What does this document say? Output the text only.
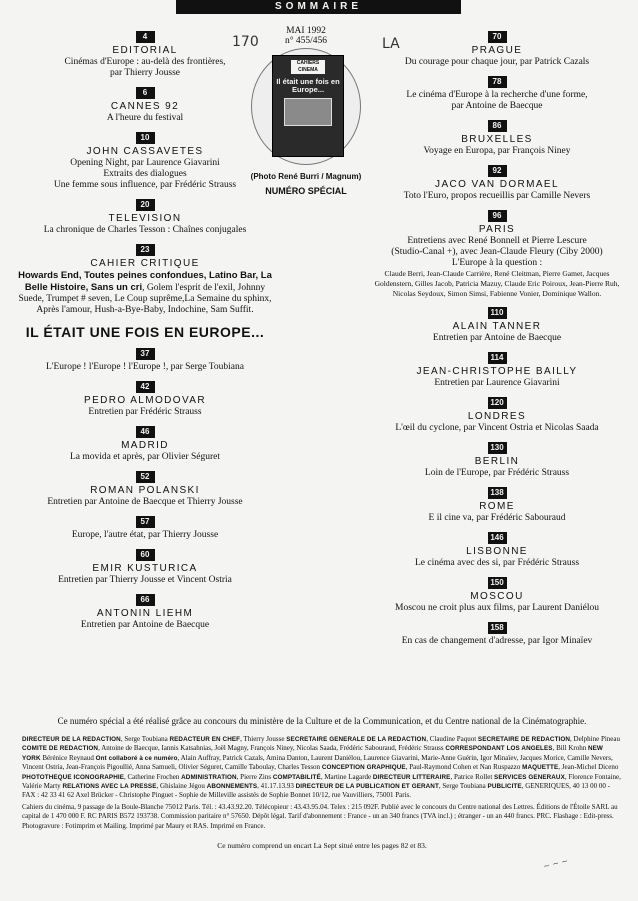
SOMMAIRE
170	LA
MAI 1992
n° 455/456
CAHIERS CINEMA
Il était une fois en Europe...
(Photo René Burri / Magnum)
NUMÉRO SPÉCIAL
4
EDITORIAL
Cinémas d'Europe : au-delà des frontières,
par Thierry Jousse
6
CANNES 92
A l'heure du festival
10
JOHN CASSAVETES
Opening Night, par Laurence Giavarini
Extraits des dialogues
Une femme sous influence, par Frédéric Strauss
20
TELEVISION
La chronique de Charles Tesson : Chaînes conjugales
23
CAHIER CRITIQUE
Howards End, Toutes peines confondues, Latino Bar, La Belle Histoire, Sans un cri, Golem l'esprit de l'exil, Johnny Suede, Trumpet # seven, Le Coup suprême,La Semaine du sphinx, Après l'amour, Hush-a-Bye-Baby, Indochine, Sam Suffit.
IL ÉTAIT UNE FOIS EN EUROPE...
37
L'Europe ! l'Europe ! l'Europe !, par Serge Toubiana
42
PEDRO ALMODOVAR
Entretien par Frédéric Strauss
46
MADRID
La movida et après, par Olivier Séguret
52
ROMAN POLANSKI
Entretien par Antoine de Baecque et Thierry Jousse
57
Europe, l'autre état, par Thierry Jousse
60
EMIR KUSTURICA
Entretien par Thierry Jousse et Vincent Ostria
66
ANTONIN LIEHM
Entretien par Antoine de Baecque
70
PRAGUE
Du courage pour chaque jour, par Patrick Cazals
78
Le cinéma d'Europe à la recherche d'une forme,
par Antoine de Baecque
86
BRUXELLES
Voyage en Europa, par François Niney
92
JACO VAN DORMAEL
Toto l'Euro, propos recueillis par Camille Nevers
96
PARIS
Entretiens avec René Bonnell et Pierre Lescure
(Studio-Canal +), avec Jean-Claude Fleury (Ciby 2000)
L'Europe à la question :
Claude Berri, Jean-Claude Carrière, René Cleitman, Pierre Gamet, Jacques Goldenstern, Gilles Jacob, Patricia Mazuy, Claude Eric Poiroux, Jean-Pierre Ruh, Nicolas Seydoux, Simon Simsi, Fabienne Vonier, Dominique Wallon.
110
ALAIN TANNER
Entretien par Antoine de Baecque
114
JEAN-CHRISTOPHE BAILLY
Entretien par Laurence Giavarini
120
LONDRES
L'œil du cyclone, par Vincent Ostria et Nicolas Saada
130
BERLIN
Loin de l'Europe, par Frédéric Strauss
138
ROME
E il cine va, par Frédéric Sabouraud
146
LISBONNE
Le cinéma avec des si, par Frédéric Strauss
150
MOSCOU
Moscou ne croit plus aux films, par Laurent Daniélou
158
En cas de changement d'adresse, par Igor Minaïev

Ce numéro spécial a été réalisé grâce au concours du ministère de la Culture et de la Communication, et du Centre national de la Cinématographie.

DIRECTEUR DE LA REDACTION, Serge Toubiana REDACTEUR EN CHEF, Thierry Jousse SECRETAIRE GENERALE DE LA REDACTION, Claudine Paquot SECRETAIRE DE REDACTION, Delphine Pineau COMITE DE REDACTION, Antoine de Baecque, Iannis Katsahnias, Joël Magny, François Niney, Nicolas Saada, Frédéric Sabouraud, Frédéric Strauss CORRESPONDANT LOS ANGELES, Bill Krohn NEW YORK Bérénice Reynaud Ont collaboré à ce numéro, Alain Auffray, Patrick Cazals, Amina Danton, Laurent Daniélou, Laurence Giavarini, Marie-Anne Guérin, Igor Minaïev, Jacques Morice, Camille Nevers, Vincent Ostria, Jean-François Pigoullié, Anna Samueli, Olivier Séguret, Camille Taboulay, Charles Tesson CONCEPTION GRAPHIQUE, Paul-Raymond Cohen et Nan Ruspazzo MAQUETTE, Jean-Michel Diceno PHOTOTHEQUE ICONOGRAPHIE, Catherine Frochen ADMINISTRATION, Pierre Zins COMPTABILITÉ, Martine Lagarde DIRECTEUR LITTERAIRE, Patrice Rollet SERVICES GENERAUX, Florence Fontaine, Valérie Marty RELATIONS AVEC LA PRESSE, Ghislaine Jégou ABONNEMENTS, 41.17.13.93 DIRECTEUR DE LA PUBLICATION ET GERANT, Serge Toubiana PUBLICITE, GENERIQUES, 40 13 00 00 - FAX : 42 33 41 62 Axel Brücker - Christophe Pinguet - Sophie de Milleville assistés de Sophie Bonnet 10/12, rue Vauvilliers, 75001 Paris.

Cahiers du cinéma, 9 passage de la Boule-Blanche 75012 Paris. Tél. : 43.43.92.20. Télécopieur : 43.43.95.04. Telex : 215 092F. Publié avec le concours du Centre national des Lettres. Éditions de l'Étoile SARL au capital de 1 470 000 F. RC PARIS B572 193738. Commission paritaire n° 57650. Dépôt légal. Tarif d'abonnement : France - un an 340 francs (TVA incl.) ; étranger - un an 440 francs. PRC. Flashage : Edit-press. Photogravure : Fotimprim et Mailing. Imprimé par Maury et RAS. Imprimé en France.

Ce numéro comprend un encart La Sept situé entre les pages 82 et 83.

~ ~ ~
